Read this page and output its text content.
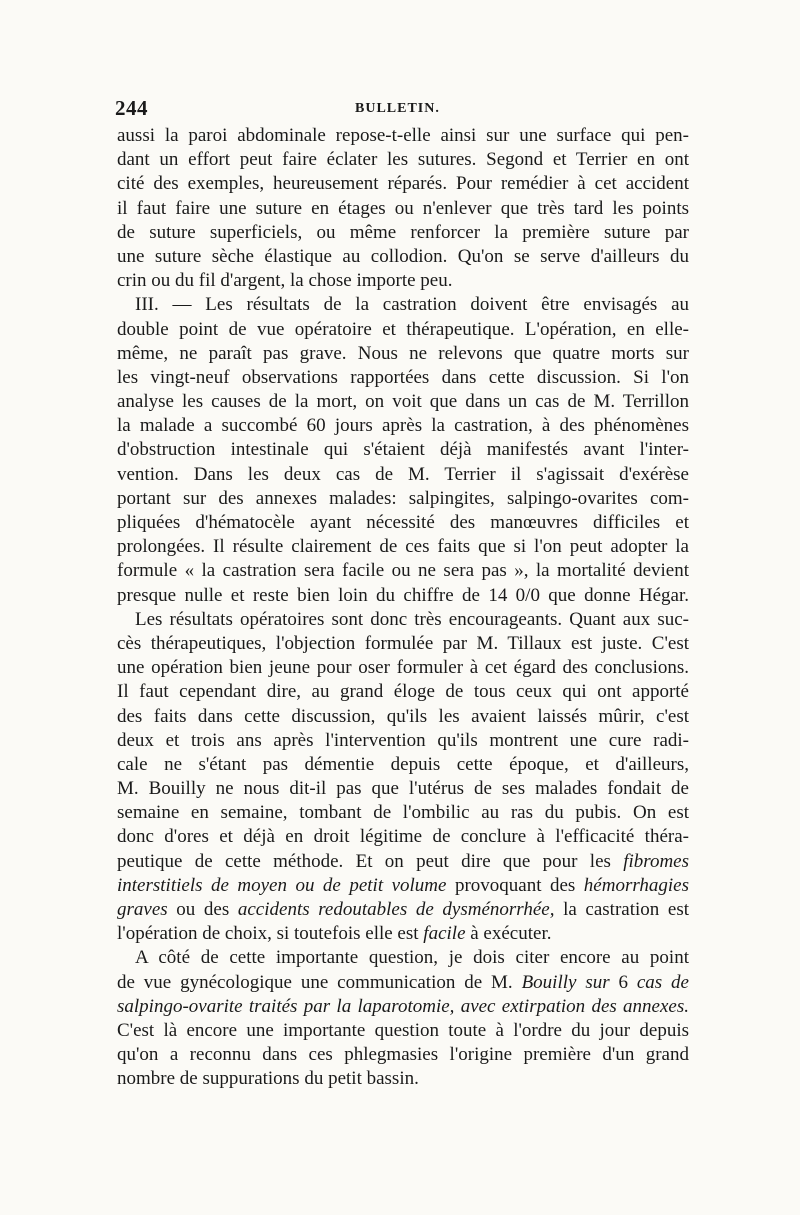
244	BULLETIN.
aussi la paroi abdominale repose-t-elle ainsi sur une surface qui pen-
dant un effort peut faire éclater les sutures. Segond et Terrier en ont
cité des exemples, heureusement réparés. Pour remédier à cet accident
il faut faire une suture en étages ou n'enlever que très tard les points
de suture superficiels, ou même renforcer la première suture par
une suture sèche élastique au collodion. Qu'on se serve d'ailleurs du
crin ou du fil d'argent, la chose importe peu.
III. — Les résultats de la castration doivent être envisagés au
double point de vue opératoire et thérapeutique. L'opération, en elle-
même, ne paraît pas grave. Nous ne relevons que quatre morts sur
les vingt-neuf observations rapportées dans cette discussion. Si l'on
analyse les causes de la mort, on voit que dans un cas de M. Terrillon
la malade a succombé 60 jours après la castration, à des phénomènes
d'obstruction intestinale qui s'étaient déjà manifestés avant l'inter-
vention. Dans les deux cas de M. Terrier il s'agissait d'exérèse
portant sur des annexes malades: salpingites, salpingo-ovarites com-
pliquées d'hématocèle ayant nécessité des manœuvres difficiles et
prolongées. Il résulte clairement de ces faits que si l'on peut adopter la
formule « la castration sera facile ou ne sera pas », la mortalité devient
presque nulle et reste bien loin du chiffre de 14 0/0 que donne Hégar.
Les résultats opératoires sont donc très encourageants. Quant aux suc-
cès thérapeutiques, l'objection formulée par M. Tillaux est juste. C'est
une opération bien jeune pour oser formuler à cet égard des conclusions.
Il faut cependant dire, au grand éloge de tous ceux qui ont apporté
des faits dans cette discussion, qu'ils les avaient laissés mûrir, c'est
deux et trois ans après l'intervention qu'ils montrent une cure radi-
cale ne s'étant pas démentie depuis cette époque, et d'ailleurs,
M. Bouilly ne nous dit-il pas que l'utérus de ses malades fondait de
semaine en semaine, tombant de l'ombilic au ras du pubis. On est
donc d'ores et déjà en droit légitime de conclure à l'efficacité théra-
peutique de cette méthode. Et on peut dire que pour les fibromes
interstitiels de moyen ou de petit volume provoquant des hémorrhagies
graves ou des accidents redoutables de dysménorrhée, la castration est
l'opération de choix, si toutefois elle est facile à exécuter.
A côté de cette importante question, je dois citer encore au point
de vue gynécologique une communication de M. Bouilly sur 6 cas de
salpingo-ovarite traités par la laparotomie, avec extirpation des annexes.
C'est là encore une importante question toute à l'ordre du jour depuis
qu'on a reconnu dans ces phlegmasies l'origine première d'un grand
nombre de suppurations du petit bassin.
